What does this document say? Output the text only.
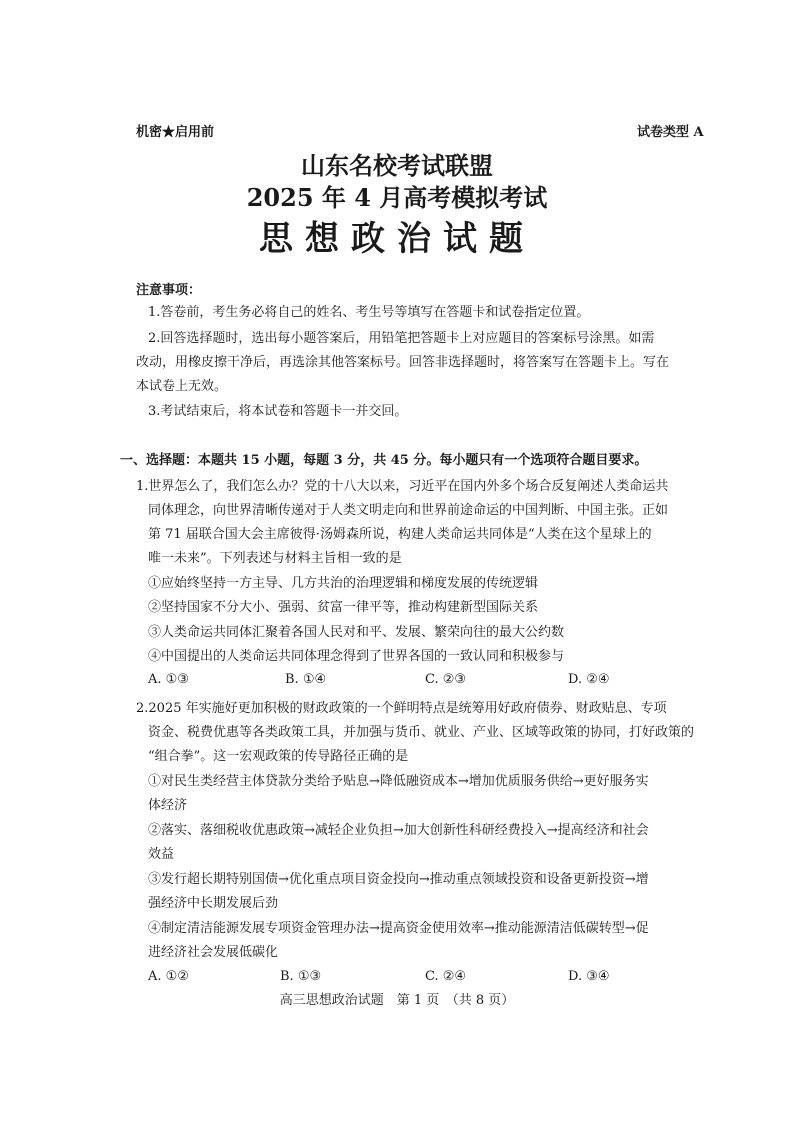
机密★启用前	试卷类型 A
山东名校考试联盟
2025 年 4 月高考模拟考试
思想政治试题
注意事项：
1.答卷前，考生务必将自己的姓名、考生号等填写在答题卡和试卷指定位置。
2.回答选择题时，选出每小题答案后，用铅笔把答题卡上对应题目的答案标号涂黑。如需
改动，用橡皮擦干净后，再选涂其他答案标号。回答非选择题时，将答案写在答题卡上。写在
本试卷上无效。
3.考试结束后，将本试卷和答题卡一并交回。
一、选择题：本题共 15 小题，每题 3 分，共 45 分。每小题只有一个选项符合题目要求。
1.世界怎么了，我们怎么办？党的十八大以来，习近平在国内外多个场合反复阐述人类命运共
同体理念，向世界清晰传递对于人类文明走向和世界前途命运的中国判断、中国主张。正如
第 71 届联合国大会主席彼得·汤姆森所说，构建人类命运共同体是“人类在这个星球上的
唯一未来”。下列表述与材料主旨相一致的是
①应始终坚持一方主导、几方共治的治理逻辑和梯度发展的传统逻辑
②坚持国家不分大小、强弱、贫富一律平等，推动构建新型国际关系
③人类命运共同体汇聚着各国人民对和平、发展、繁荣向往的最大公约数
④中国提出的人类命运共同体理念得到了世界各国的一致认同和积极参与
A. ①③	B. ①④	C. ②③	D. ②④
2.2025 年实施好更加积极的财政政策的一个鲜明特点是统筹用好政府债券、财政贴息、专项
资金、税费优惠等各类政策工具，并加强与货币、就业、产业、区域等政策的协同，打好政策的
“组合拳”。这一宏观政策的传导路径正确的是
①对民生类经营主体贷款分类给予贴息→降低融资成本→增加优质服务供给→更好服务实
体经济
②落实、落细税收优惠政策→减轻企业负担→加大创新性科研经费投入→提高经济和社会
效益
③发行超长期特别国债→优化重点项目资金投向→推动重点领域投资和设备更新投资→增
强经济中长期发展后劲
④制定清洁能源发展专项资金管理办法→提高资金使用效率→推动能源清洁低碳转型→促
进经济社会发展低碳化
A. ①②	B. ①③	C. ②④	D. ③④
高三思想政治试题　第 1 页　（共 8 页）
